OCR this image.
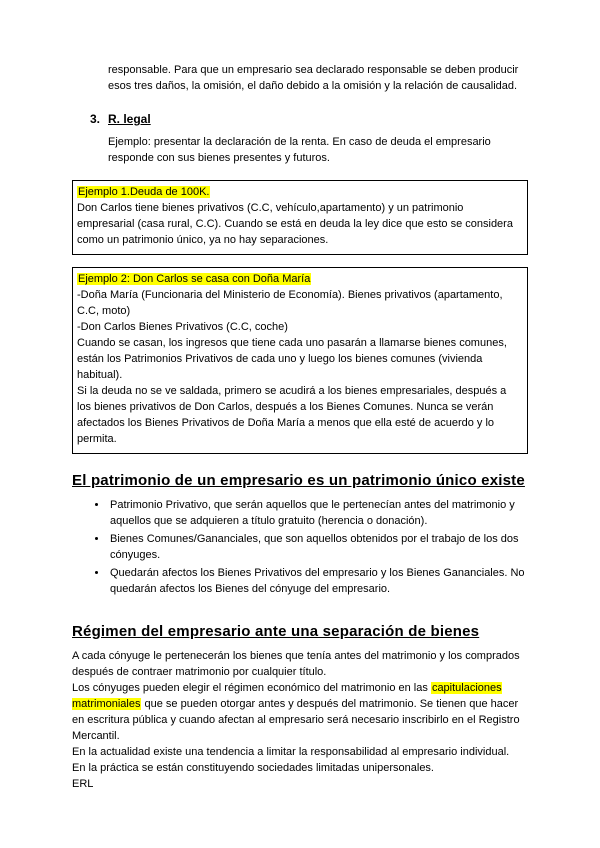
responsable. Para que un empresario sea declarado responsable se deben producir esos tres daños, la omisión, el daño debido a la omisión y la relación de causalidad.

3. R. legal

Ejemplo: presentar la declaración de la renta. En caso de deuda el empresario responde con sus bienes presentes y futuros.

Ejemplo 1.Deuda de 100K.

Don Carlos tiene bienes privativos (C.C, vehículo,apartamento) y un patrimonio empresarial (casa rural, C.C). Cuando se está en deuda la ley dice que esto se considera como un patrimonio único, ya no hay separaciones.

Ejemplo 2: Don Carlos se casa con Doña María

-Doña María (Funcionaria del Ministerio de Economía). Bienes privativos (apartamento, C.C, moto)

-Don Carlos Bienes Privativos (C.C, coche)

Cuando se casan, los ingresos que tiene cada uno pasarán a llamarse bienes comunes, están los Patrimonios Privativos de cada uno y luego los bienes comunes (vivienda habitual).

Si la deuda no se ve saldada, primero se acudirá a los bienes empresariales, después a los bienes privativos de Don Carlos, después a los Bienes Comunes. Nunca se verán afectados los Bienes Privativos de Doña María a menos que ella esté de acuerdo y lo permita.

El patrimonio de un empresario es un patrimonio único existe
• Patrimonio Privativo, que serán aquellos que le pertenecían antes del matrimonio y aquellos que se adquieren a título gratuito (herencia o donación).
• Bienes Comunes/Gananciales, que son aquellos obtenidos por el trabajo de los dos cónyuges.
• Quedarán afectos los Bienes Privativos del empresario y los Bienes Gananciales. No quedarán afectos los Bienes del cónyuge del empresario.
Régimen del empresario ante una separación de bienes

A cada cónyuge le pertenecerán los bienes que tenía antes del matrimonio y los comprados después de contraer matrimonio por cualquier título.

Los cónyuges pueden elegir el régimen económico del matrimonio en las capitulaciones matrimoniales que se pueden otorgar antes y después del matrimonio. Se tienen que hacer en escritura pública y cuando afectan al empresario será necesario inscribirlo en el Registro Mercantil.

En la actualidad existe una tendencia a limitar la responsabilidad al empresario individual.

En la práctica se están constituyendo sociedades limitadas unipersonales.

ERL
